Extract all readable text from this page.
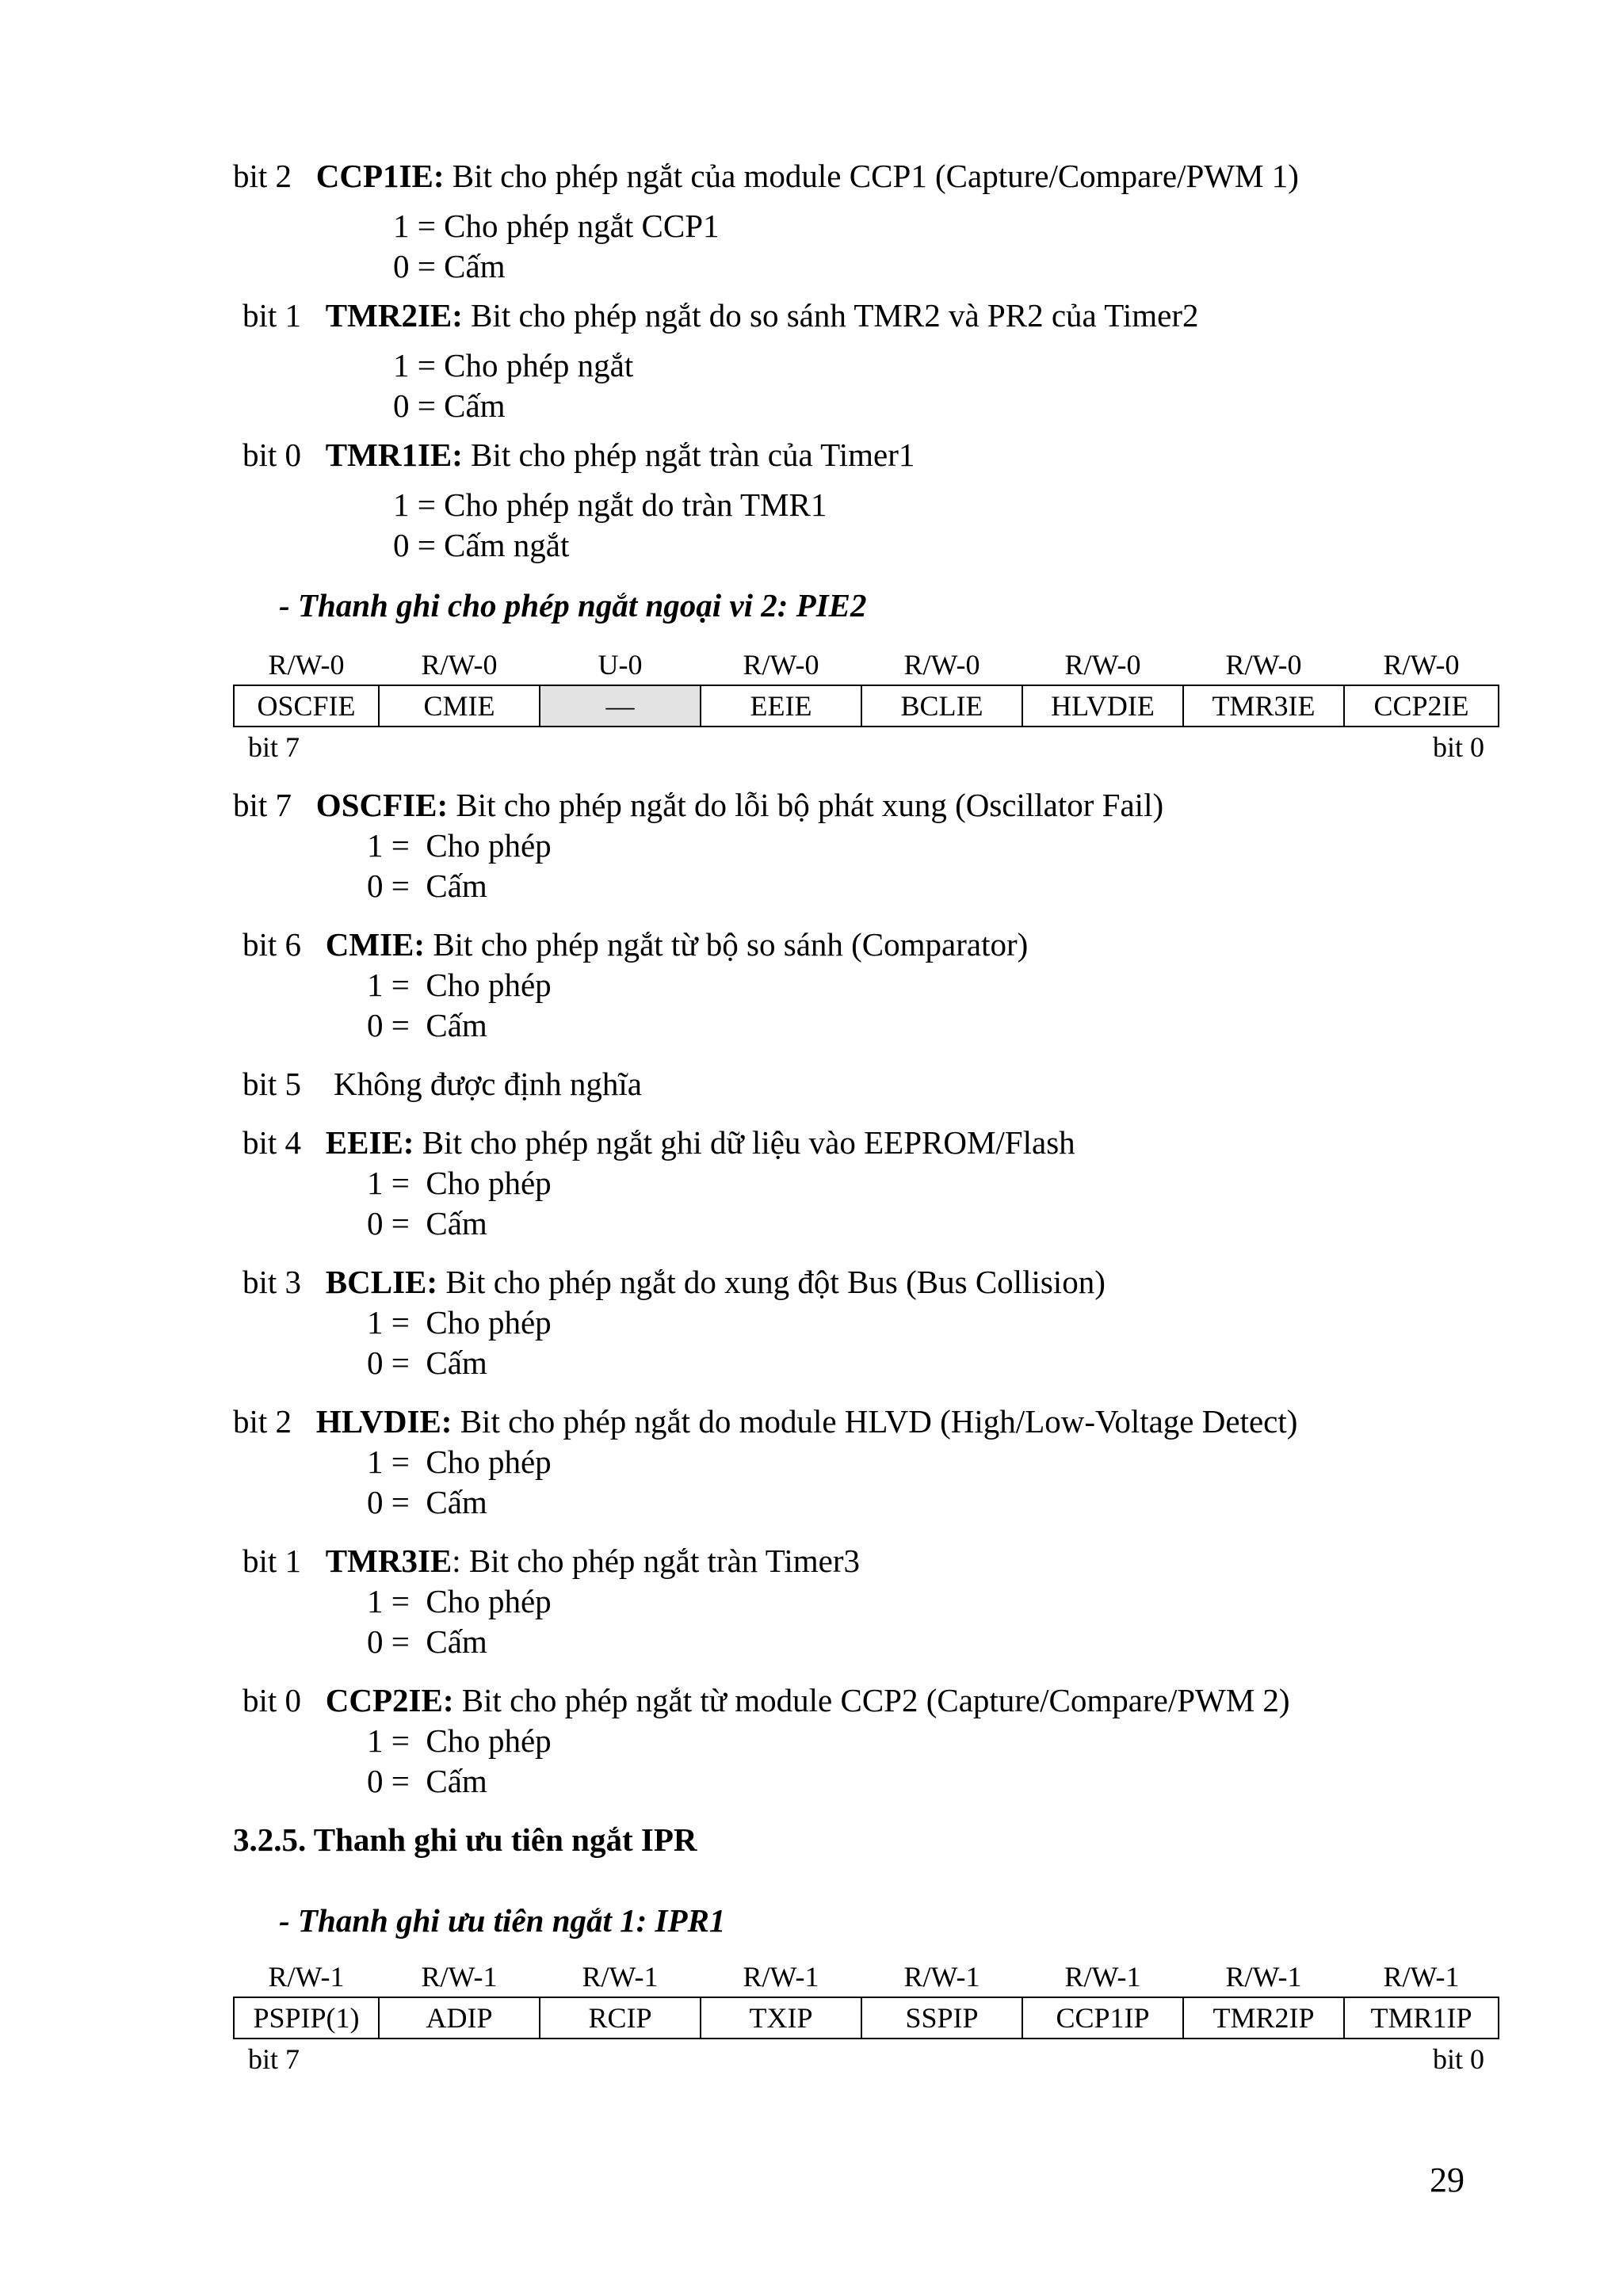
bit 2 CCP1IE: Bit cho phép ngắt của module CCP1 (Capture/Compare/PWM 1)
1 = Cho phép ngắt CCP1
0 = Cấm
bit 1 TMR2IE: Bit cho phép ngắt do so sánh TMR2 và PR2 của Timer2
1 = Cho phép ngắt
0 = Cấm
bit 0 TMR1IE: Bit cho phép ngắt tràn của Timer1
1 = Cho phép ngắt do tràn TMR1
0 = Cấm ngắt
- Thanh ghi cho phép ngắt ngoại vi 2: PIE2
R/W-0	R/W-0	U-0	R/W-0	R/W-0	R/W-0	R/W-0	R/W-0
OSCFIE	CMIE	—	EEIE	BCLIE	HLVDIE	TMR3IE	CCP2IE

bit 7 bit 0							
bit 7 OSCFIE: Bit cho phép ngắt do lỗi bộ phát xung (Oscillator Fail)
1 =  Cho phép
0 =  Cấm
bit 6 CMIE: Bit cho phép ngắt từ bộ so sánh (Comparator)
1 =  Cho phép
0 =  Cấm
bit 5 Không được định nghĩa
bit 4 EEIE: Bit cho phép ngắt ghi dữ liệu vào EEPROM/Flash
1 =  Cho phép
0 =  Cấm
bit 3 BCLIE: Bit cho phép ngắt do xung đột Bus (Bus Collision)
1 =  Cho phép
0 =  Cấm
bit 2 HLVDIE: Bit cho phép ngắt do module HLVD (High/Low-Voltage Detect)
1 =  Cho phép
0 =  Cấm
bit 1 TMR3IE: Bit cho phép ngắt tràn Timer3
1 =  Cho phép
0 =  Cấm
bit 0 CCP2IE: Bit cho phép ngắt từ module CCP2 (Capture/Compare/PWM 2)
1 =  Cho phép
0 =  Cấm
3.2.5. Thanh ghi ưu tiên ngắt IPR
- Thanh ghi ưu tiên ngắt 1: IPR1
R/W-1	R/W-1	R/W-1	R/W-1	R/W-1	R/W-1	R/W-1	R/W-1
PSPIP(1)	ADIP	RCIP	TXIP	SSPIP	CCP1IP	TMR2IP	TMR1IP

bit 7 bit 0							
29
